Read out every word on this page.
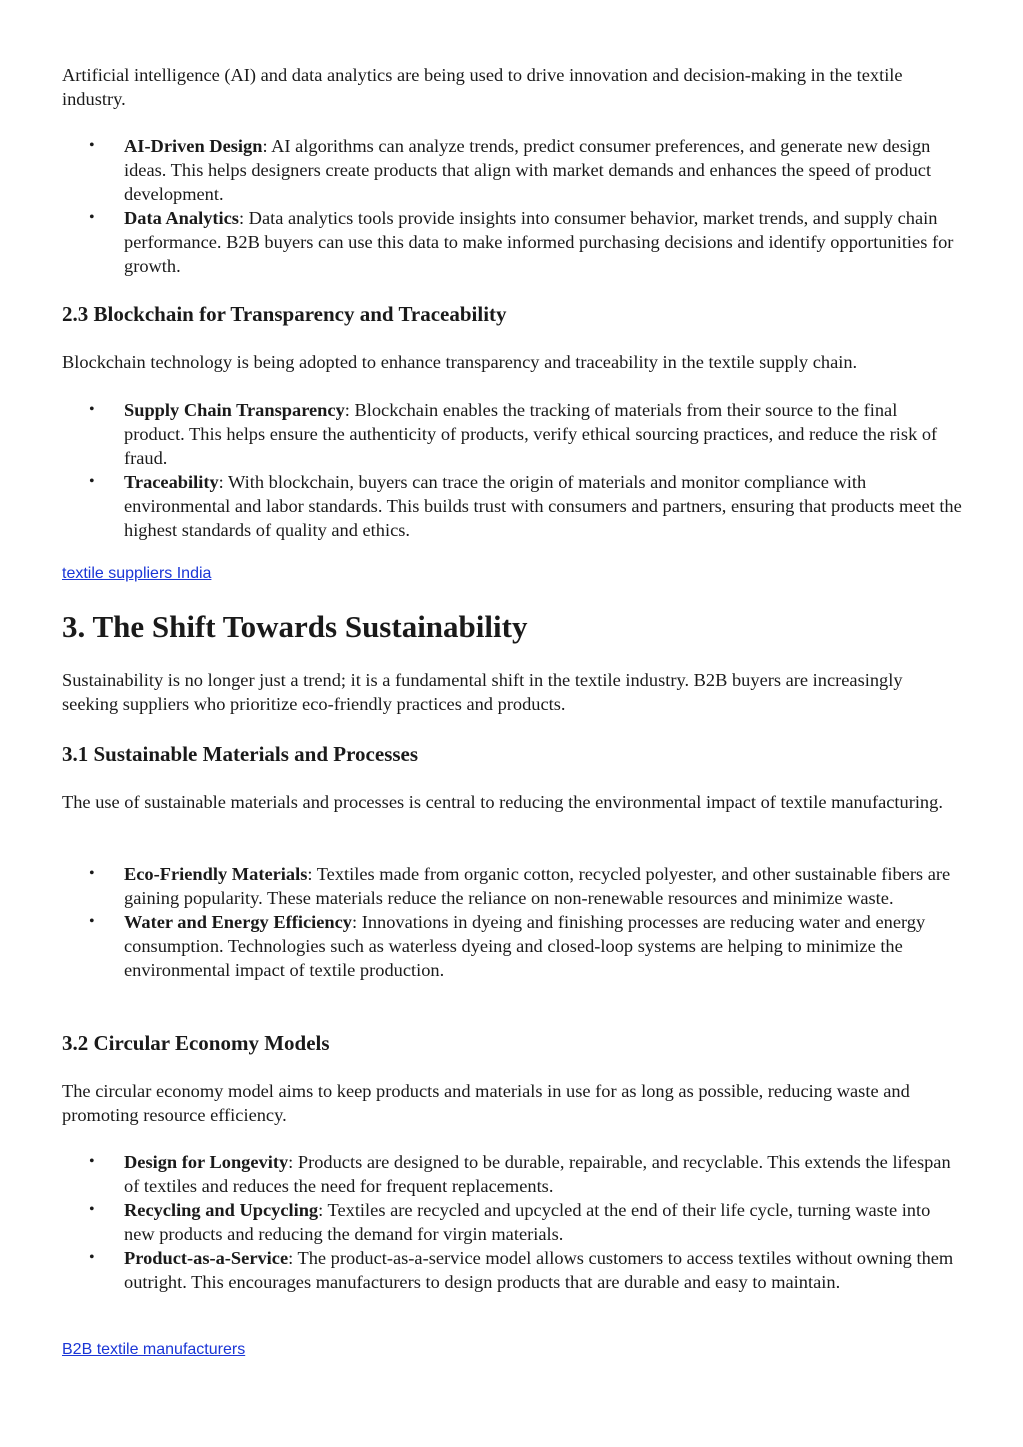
Artificial intelligence (AI) and data analytics are being used to drive innovation and decision-making in the textile industry.

• AI-Driven Design: AI algorithms can analyze trends, predict consumer preferences, and generate new design ideas. This helps designers create products that align with market demands and enhances the speed of product development.
• Data Analytics: Data analytics tools provide insights into consumer behavior, market trends, and supply chain performance. B2B buyers can use this data to make informed purchasing decisions and identify opportunities for growth.
2.3 Blockchain for Transparency and Traceability

Blockchain technology is being adopted to enhance transparency and traceability in the textile supply chain.

• Supply Chain Transparency: Blockchain enables the tracking of materials from their source to the final product. This helps ensure the authenticity of products, verify ethical sourcing practices, and reduce the risk of fraud.
• Traceability: With blockchain, buyers can trace the origin of materials and monitor compliance with environmental and labor standards. This builds trust with consumers and partners, ensuring that products meet the highest standards of quality and ethics.
textile suppliers India
3. The Shift Towards Sustainability

Sustainability is no longer just a trend; it is a fundamental shift in the textile industry. B2B buyers are increasingly seeking suppliers who prioritize eco-friendly practices and products.

3.1 Sustainable Materials and Processes

The use of sustainable materials and processes is central to reducing the environmental impact of textile manufacturing.

• Eco-Friendly Materials: Textiles made from organic cotton, recycled polyester, and other sustainable fibers are gaining popularity. These materials reduce the reliance on non-renewable resources and minimize waste.
• Water and Energy Efficiency: Innovations in dyeing and finishing processes are reducing water and energy consumption. Technologies such as waterless dyeing and closed-loop systems are helping to minimize the environmental impact of textile production.
3.2 Circular Economy Models

The circular economy model aims to keep products and materials in use for as long as possible, reducing waste and promoting resource efficiency.

• Design for Longevity: Products are designed to be durable, repairable, and recyclable. This extends the lifespan of textiles and reduces the need for frequent replacements.
• Recycling and Upcycling: Textiles are recycled and upcycled at the end of their life cycle, turning waste into new products and reducing the demand for virgin materials.
• Product-as-a-Service: The product-as-a-service model allows customers to access textiles without owning them outright. This encourages manufacturers to design products that are durable and easy to maintain.
B2B textile manufacturers
